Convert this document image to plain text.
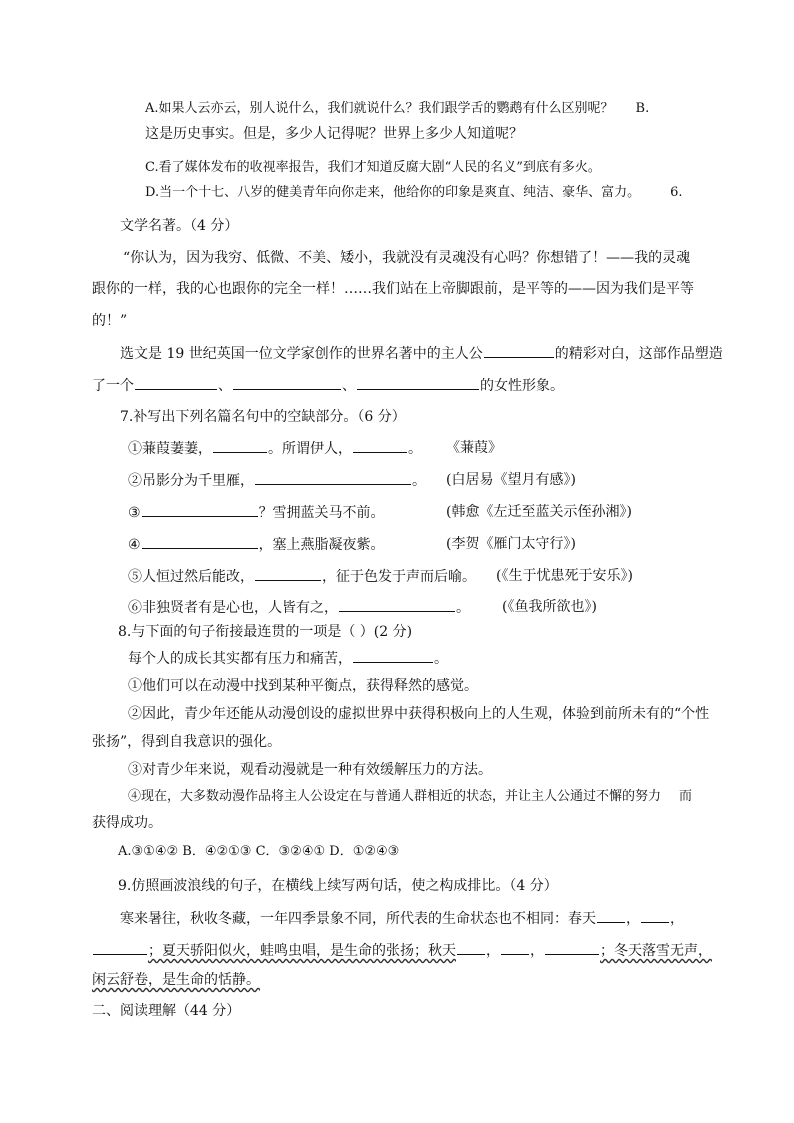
A.如果人云亦云，别人说什么，我们就说什么？我们跟学舌的鹦鹉有什么区别呢？ B.
这是历史事实。但是，多少人记得呢？世界上多少人知道呢？
C.看了媒体发布的收视率报告，我们才知道反腐大剧“人民的名义”到底有多火。
D.当一个十七、八岁的健美青年向你走来，他给你的印象是爽直、纯洁、豪华、富力。 6.
文学名著。（4 分）
“你认为，因为我穷、低微、不美、矮小，我就没有灵魂没有心吗？你想错了！——我的灵魂
跟你的一样，我的心也跟你的完全一样！……我们站在上帝脚跟前，是平等的——因为我们是平等
的！”
选文是 19 世纪英国一位文学家创作的世界名著中的主人公	的精彩对白，这部作品塑造
了一个	、	、	的女性形象。
7.补写出下列名篇名句中的空缺部分。（6 分）
①蒹葭萋萋，	。所谓伊人，	。 《蒹葭》
②吊影分为千里雁，	。 (白居易《望月有感》)
③	？雪拥蓝关马不前。	(韩愈《左迁至蓝关示侄孙湘》)
④	，塞上燕脂凝夜紫。	(李贺《雁门太守行》)
⑤人恒过然后能改，	，征于色发于声而后喻。 (《生于忧患死于安乐》)
⑥非独贤者有是心也，人皆有之，	。 (《鱼我所欲也》)
8.与下面的句子衔接最连贯的一项是（ ）(2 分)
每个人的成长其实都有压力和痛苦，	。
①他们可以在动漫中找到某种平衡点，获得释然的感觉。
②因此，青少年还能从动漫创设的虚拟世界中获得积极向上的人生观，体验到前所未有的“个性
张扬”，得到自我意识的强化。
③对青少年来说，观看动漫就是一种有效缓解压力的方法。
④现在，大多数动漫作品将主人公设定在与普通人群相近的状态，并让主人公通过不懈的努力 而
获得成功。
A.③①④② B．④②①③ C．③②④① D．①②④③
9.仿照画波浪线的句子，在横线上续写两句话，使之构成排比。（4 分）
寒来暑往，秋收冬藏，一年四季景象不同，所代表的生命状态也不相同：春天 ， ，
；夏天骄阳似火，蛙鸣虫唱，是生命的张扬；秋天 ， ，	；冬天落雪无声，
闲云舒卷，是生命的恬静。
二、阅读理解（44 分）
